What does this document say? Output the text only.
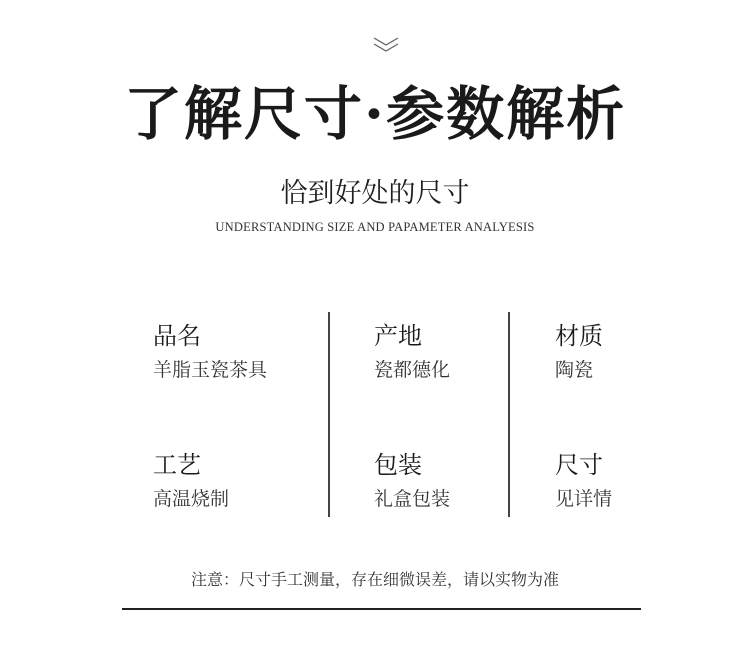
了解尺寸·参数解析
恰到好处的尺寸
UNDERSTANDING SIZE AND PAPAMETER ANALYESIS
品名
羊脂玉瓷茶具
产地
瓷都德化
材质
陶瓷
工艺
高温烧制
包装
礼盒包装
尺寸
见详情
注意：尺寸手工测量，存在细微误差，请以实物为准
